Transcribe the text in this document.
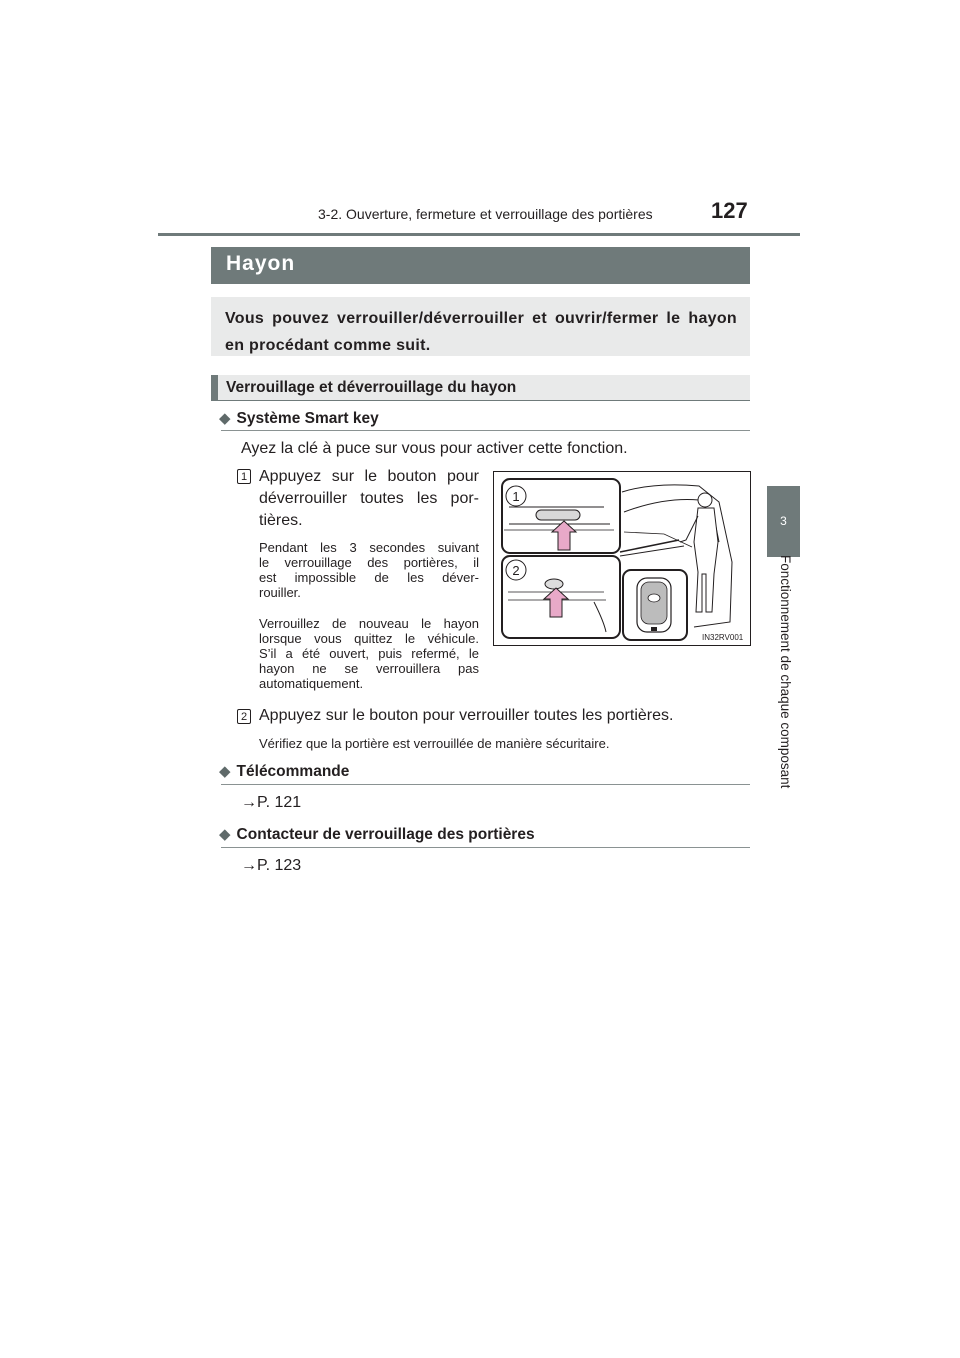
3-2. Ouverture, fermeture et verrouillage des portières	127
3
Fonctionnement de chaque composant
Hayon

Vous pouvez verrouiller/déverrouiller et ouvrir/fermer le hayon en procédant comme suit.

Verrouillage et déverrouillage du hayon
◆ Système Smart key
Ayez la clé à puce sur vous pour activer cette fonction.
1 Appuyez sur le bouton pour
déverrouiller toutes les por-
tières.
Pendant les 3 secondes suivant
le verrouillage des portières, il
est impossible de les déver-
rouiller.
Verrouillez de nouveau le hayon
lorsque vous quittez le véhicule.
S’il a été ouvert, puis refermé, le
hayon ne se verrouillera pas
automatiquement.
1
2
IN32RV001
2 Appuyez sur le bouton pour verrouiller toutes les portières.
Vérifiez que la portière est verrouillée de manière sécuritaire.
◆ Télécommande
→P. 121
◆ Contacteur de verrouillage des portières
→P. 123
